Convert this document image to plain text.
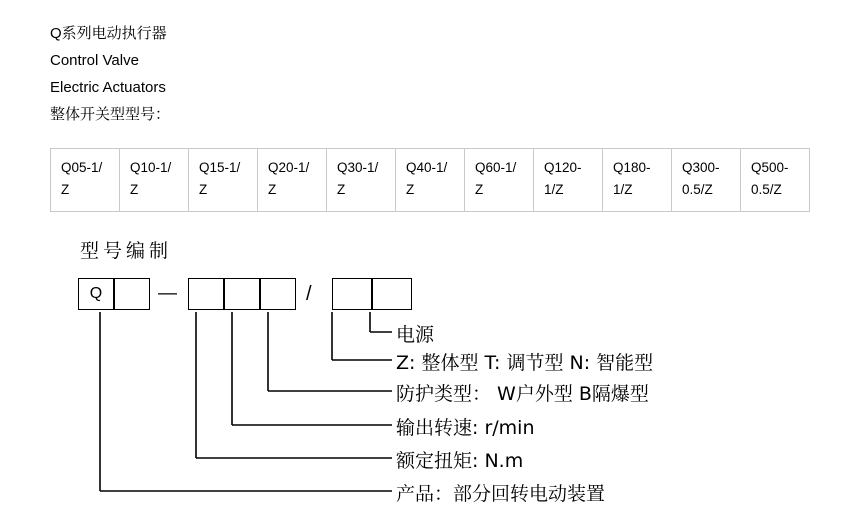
Q系列电动执行器
Control Valve
Electric Actuators
整体开关型型号：
Q05-1/Z	Q10-1/Z	Q15-1/Z	Q20-1/Z	Q30-1/Z	Q40-1/Z	Q60-1/Z	Q120-1/Z	Q180-1/Z	Q300-0.5/Z	Q500-0.5/Z
型号编制
Q	—	/
电源
Z: 整体型 T: 调节型 N: 智能型
防护类型： W户外型 B隔爆型
输出转速: r/min
额定扭矩: N.m
产品：部分回转电动装置
